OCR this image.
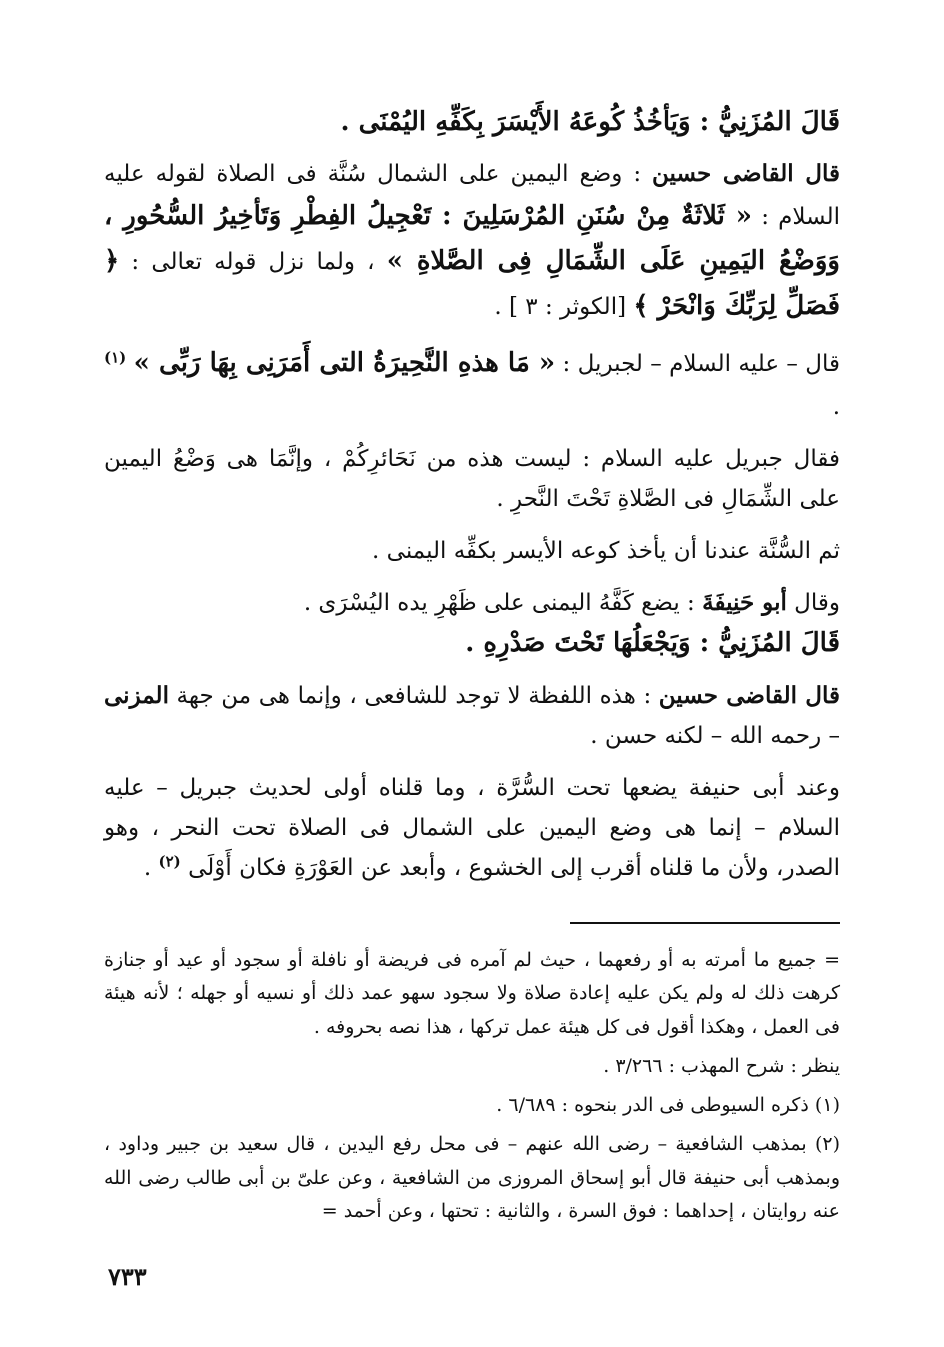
قَالَ المُزَنِيُّ : وَيَأخُذُ كُوعَهُ الأَيْسَرَ بِكَفِّهِ اليُمْنَى .

قال القاضى حسين : وضع اليمين على الشمال سُنَّة فى الصلاة لقوله عليه السلام : « ثَلاثَةٌ مِنْ سُنَنِ المُرْسَلِينَ : تَعْجِيلُ الفِطْرِ وَتَأخِيرُ السُّحُورِ ، وَوَضْعُ اليَمِينِ عَلَى الشِّمَالِ فِى الصَّلاةِ » ، ولما نزل قوله تعالى : ﴿ فَصَلِّ لِرَبِّكَ وَانْحَرْ ﴾ [الكوثر : ٣ ] .

قال – عليه السلام – لجبريل : « مَا هذهِ النَّحِيرَةُ التى أَمَرَنِى بِهَا رَبِّى » $^{(١)}$ .

فقال جبريل عليه السلام : ليست هذه من نَحَائرِكُمْ ، وإنَّمَا هى وَضْعُ اليمين على الشِّمَالِ فى الصَّلاةِ تَحْتَ النَّحرِ .

ثم السُّنَّة عندنا أن يأخذ كوعه الأيسر بكفِّه اليمنى .

وقال أبو حَنِيفَةَ : يضع كَفَّهُ اليمنى على ظَهْرِ يده اليُسْرَى .

قَالَ المُزَنِيُّ : وَيَجْعَلُهَا تَحْتَ صَدْرِهِ .

قال القاضى حسين : هذه اللفظة لا توجد للشافعى ، وإنما هى من جهة المزنى – رحمه الله – لكنه حسن .

وعند أبى حنيفة يضعها تحت السُّرَّة ، وما قلناه أولى لحديث جبريل – عليه السلام – إنما هى وضع اليمين على الشمال فى الصلاة تحت النحر ، وهو الصدر، ولأن ما قلناه أقرب إلى الخشوع ، وأبعد عن العَوْرَةِ فكان أَوْلَى $^{(٢)}$ .

= جميع ما أمرته به أو رفعهما ، حيث لم آمره فى فريضة أو نافلة أو سجود أو عيد أو جنازة كرهت ذلك له ولم يكن عليه إعادة صلاة ولا سجود سهو عمد ذلك أو نسيه أو جهله ؛ لأنه هيئة فى العمل ، وهكذا أقول فى كل هيئة عمل تركها ، هذا نصه بحروفه .

ينظر : شرح المهذب : ٣/٢٦٦ .

(١) ذكره السيوطى فى الدر بنحوه : ٦/٦٨٩ .

(٢) بمذهب الشافعية – رضى الله عنهم – فى محل رفع اليدين ، قال سعيد بن جبير وداود ، وبمذهب أبى حنيفة قال أبو إسحاق المروزى من الشافعية ، وعن علىّ بن أبى طالب رضى الله عنه روايتان ، إحداهما : فوق السرة ، والثانية : تحتها ، وعن أحمد =

٧٣٣
